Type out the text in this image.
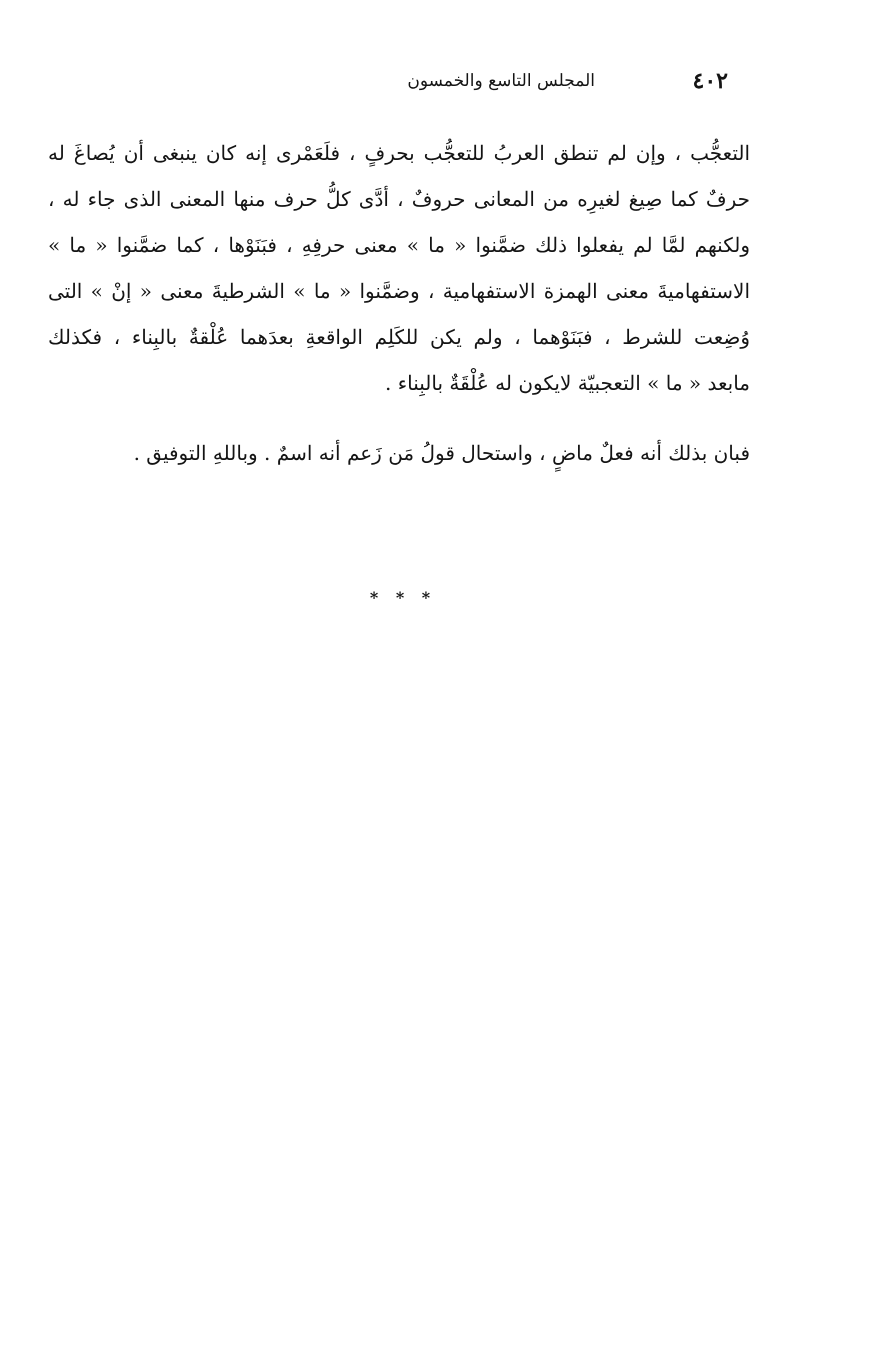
٤٠٢
المجلس التاسع والخمسون
التعجُّب ، وإن لم تنطق العربُ للتعجُّب بحرفٍ ، فلَعَمْرى إنه كان ينبغى أن يُصاغَ له
حرفٌ كما صِيغ لغيرِه من المعانى حروفٌ ، أدَّى كلُّ حرف منها المعنى الذى جاء له ،
ولكنهم لمَّا لم يفعلوا ذلك ضمَّنوا « ما » معنى حرفِهِ ، فبَنَوْها ، كما ضمَّنوا « ما »
الاستفهاميةَ معنى الهمزة الاستفهامية ، وضمَّنوا « ما » الشرطيةَ معنى « إنْ » التى
وُضِعت للشرط ، فبَنَوْهما ، ولم يكن للكَلِم الواقعةِ بعدَهما عُلْقةٌ بالبِناء ، فكذلك
مابعد « ما » التعجبيّة لايكون له عُلْقَةٌ بالبِناء .
فبان بذلك أنه فعلٌ ماضٍ ، واستحال قولُ مَن زَعم أنه اسمٌ . وباللهِ التوفيق .
* * *
